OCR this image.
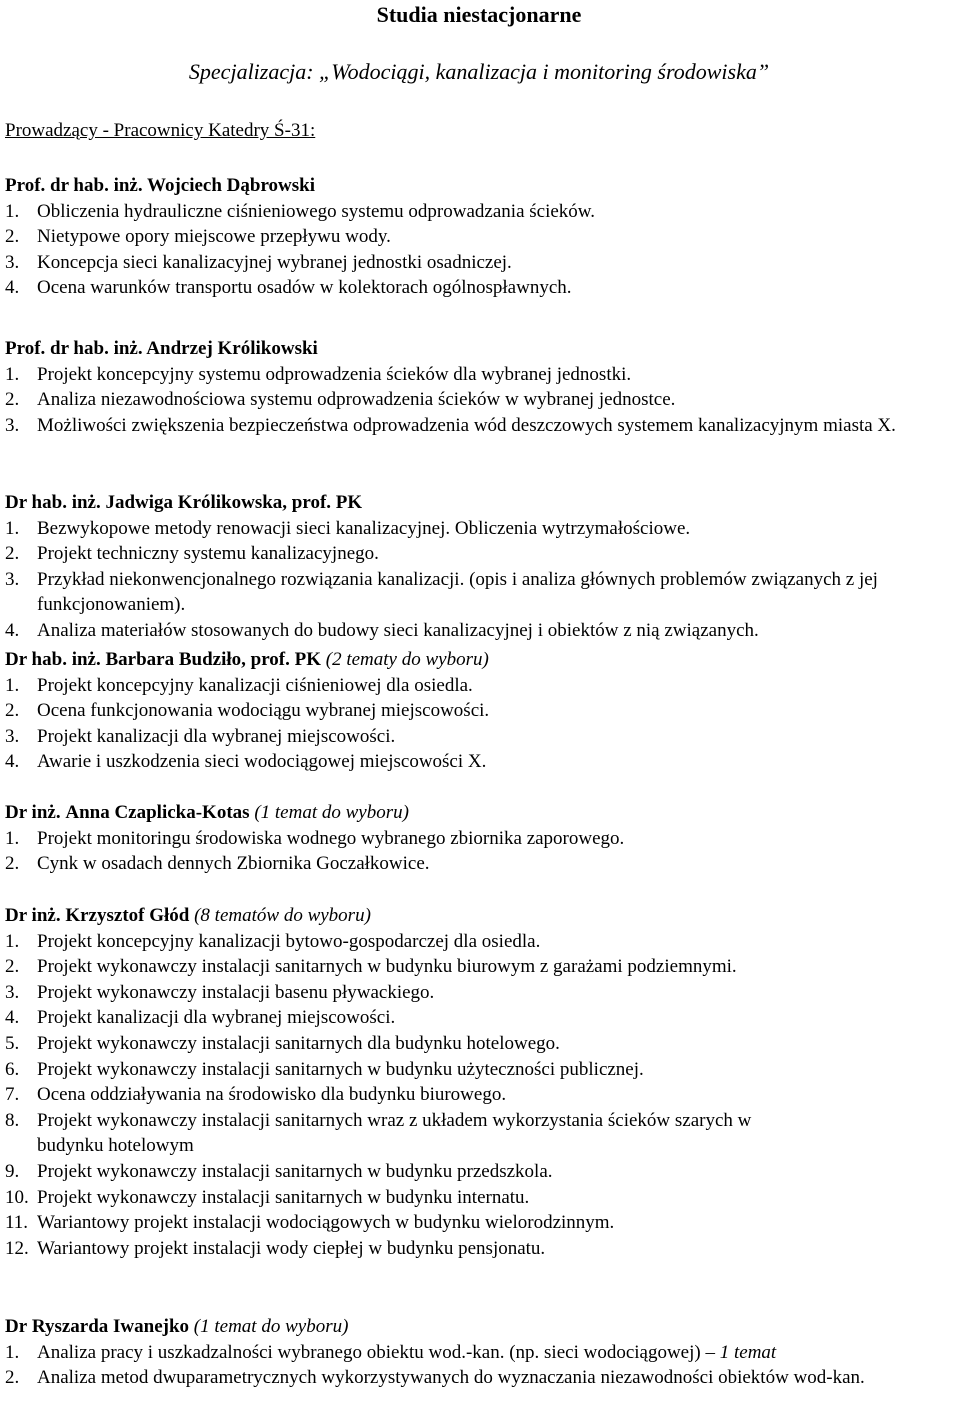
Studia niestacjonarne
Specjalizacja: „Wodociągi, kanalizacja i monitoring środowiska”
Prowadzący - Pracownicy Katedry Ś-31:
Prof. dr hab. inż. Wojciech Dąbrowski
1. Obliczenia hydrauliczne ciśnieniowego systemu odprowadzania ścieków.
2. Nietypowe opory miejscowe przepływu wody.
3. Koncepcja sieci kanalizacyjnej wybranej jednostki osadniczej.
4. Ocena warunków transportu osadów w kolektorach ogólnospławnych.
Prof. dr hab. inż. Andrzej Królikowski
1. Projekt koncepcyjny systemu odprowadzenia ścieków dla wybranej jednostki.
2. Analiza niezawodnościowa systemu odprowadzenia ścieków w wybranej jednostce.
3. Możliwości zwiększenia bezpieczeństwa odprowadzenia wód deszczowych systemem kanalizacyjnym miasta X.
Dr hab. inż. Jadwiga Królikowska, prof. PK
1. Bezwykopowe metody renowacji sieci kanalizacyjnej. Obliczenia wytrzymałościowe.
2. Projekt techniczny systemu kanalizacyjnego.
3. Przykład niekonwencjonalnego rozwiązania kanalizacji. (opis i analiza głównych problemów związanych z jej funkcjonowaniem).
4. Analiza materiałów stosowanych do budowy sieci kanalizacyjnej i obiektów z nią związanych.
Dr hab. inż. Barbara Budziło, prof. PK (2 tematy do wyboru)
1. Projekt koncepcyjny kanalizacji ciśnieniowej dla osiedla.
2. Ocena funkcjonowania wodociągu wybranej miejscowości.
3. Projekt kanalizacji dla wybranej miejscowości.
4. Awarie i uszkodzenia sieci wodociągowej miejscowości X.
Dr inż. Anna Czaplicka-Kotas (1 temat do wyboru)
1. Projekt monitoringu środowiska wodnego wybranego zbiornika zaporowego.
2. Cynk w osadach dennych Zbiornika Goczałkowice.
Dr inż. Krzysztof Głód (8 tematów do wyboru)
1. Projekt koncepcyjny kanalizacji bytowo-gospodarczej dla osiedla.
2. Projekt wykonawczy instalacji sanitarnych w budynku biurowym z garażami podziemnymi.
3. Projekt wykonawczy instalacji basenu pływackiego.
4. Projekt kanalizacji dla wybranej miejscowości.
5. Projekt wykonawczy instalacji sanitarnych dla budynku hotelowego.
6. Projekt wykonawczy instalacji sanitarnych w budynku użyteczności publicznej.
7. Ocena oddziaływania na środowisko dla budynku biurowego.
8. Projekt wykonawczy instalacji sanitarnych wraz z układem wykorzystania ścieków szarych w budynku hotelowym
9. Projekt wykonawczy instalacji sanitarnych w budynku przedszkola.
10. Projekt wykonawczy instalacji sanitarnych w budynku internatu.
11. Wariantowy projekt instalacji wodociągowych w budynku wielorodzinnym.
12. Wariantowy projekt instalacji wody ciepłej w budynku pensjonatu.
Dr Ryszarda Iwanejko (1 temat do wyboru)
1. Analiza pracy i uszkadzalności wybranego obiektu wod.-kan. (np. sieci wodociągowej) – 1 temat
2. Analiza metod dwuparametrycznych wykorzystywanych do wyznaczania niezawodności obiektów wod-kan.
